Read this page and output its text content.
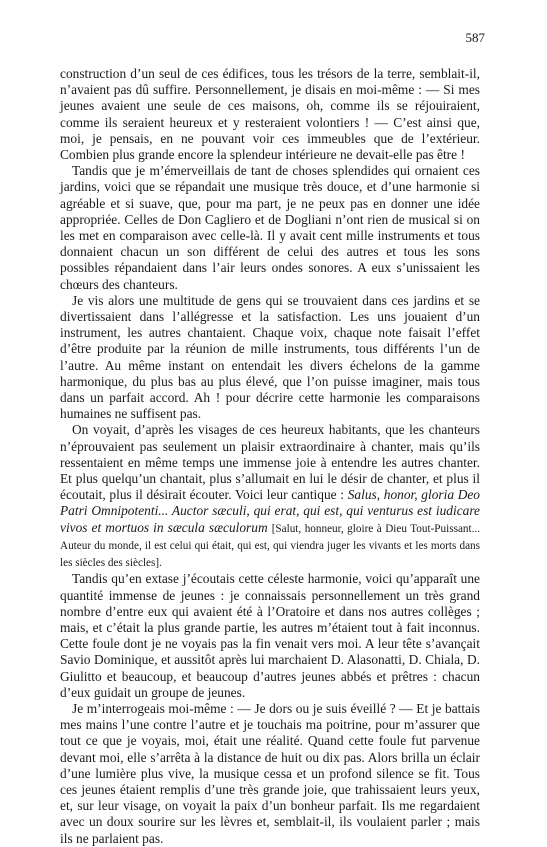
587

construction d’un seul de ces édifices, tous les trésors de la terre, semblait-il, n’avaient pas dû suffire. Personnellement, je disais en moi-même : — Si mes jeunes avaient une seule de ces maisons, oh, comme ils se réjouiraient, comme ils seraient heureux et y resteraient volontiers ! — C’est ainsi que, moi, je pensais, en ne pouvant voir ces immeubles que de l’extérieur. Combien plus grande encore la splendeur intérieure ne devait-elle pas être !

Tandis que je m’émerveillais de tant de choses splendides qui ornaient ces jardins, voici que se répandait une musique très douce, et d’une harmonie si agréable et si suave, que, pour ma part, je ne peux pas en donner une idée appropriée. Celles de Don Cagliero et de Dogliani n’ont rien de musical si on les met en comparaison avec celle-là. Il y avait cent mille instruments et tous donnaient chacun un son différent de celui des autres et tous les sons possibles répandaient dans l’air leurs ondes sonores. A eux s’unissaient les chœurs des chanteurs.

Je vis alors une multitude de gens qui se trouvaient dans ces jardins et se divertissaient dans l’allégresse et la satisfaction. Les uns jouaient d’un instrument, les autres chantaient. Chaque voix, chaque note faisait l’effet d’être produite par la réunion de mille instruments, tous différents l’un de l’autre. Au même instant on entendait les divers échelons de la gamme harmonique, du plus bas au plus élevé, que l’on puisse imaginer, mais tous dans un parfait accord. Ah ! pour décrire cette harmonie les comparaisons humaines ne suffisent pas.

On voyait, d’après les visages de ces heureux habitants, que les chanteurs n’éprouvaient pas seulement un plaisir extraordinaire à chanter, mais qu’ils ressentaient en même temps une immense joie à entendre les autres chanter. Et plus quelqu’un chantait, plus s’allumait en lui le désir de chanter, et plus il écoutait, plus il désirait écouter. Voici leur cantique : Salus, honor, gloria Deo Patri Omnipotenti... Auctor sæculi, qui erat, qui est, qui venturus est iudicare vivos et mortuos in sæcula sæculorum [Salut, honneur, gloire à Dieu Tout-Puissant... Auteur du monde, il est celui qui était, qui est, qui viendra juger les vivants et les morts dans les siècles des siècles].

Tandis qu’en extase j’écoutais cette céleste harmonie, voici qu’apparaît une quantité immense de jeunes : je connaissais personnellement un très grand nombre d’entre eux qui avaient été à l’Oratoire et dans nos autres collèges ; mais, et c’était la plus grande partie, les autres m’étaient tout à fait inconnus. Cette foule dont je ne voyais pas la fin venait vers moi. A leur tête s’avançait Savio Dominique, et aussitôt après lui marchaient D. Alasonatti, D. Chiala, D. Giulitto et beaucoup, et beaucoup d’autres jeunes abbés et prêtres : chacun d’eux guidait un groupe de jeunes.

Je m’interrogeais moi-même : — Je dors ou je suis éveillé ? — Et je battais mes mains l’une contre l’autre et je touchais ma poitrine, pour m’assurer que tout ce que je voyais, moi, était une réalité. Quand cette foule fut parvenue devant moi, elle s’arrêta à la distance de huit ou dix pas. Alors brilla un éclair d’une lumière plus vive, la musique cessa et un profond silence se fit. Tous ces jeunes étaient remplis d’une très grande joie, que trahissaient leurs yeux, et, sur leur visage, on voyait la paix d’un bonheur parfait. Ils me regardaient avec un doux sourire sur les lèvres et, semblait-il, ils voulaient parler ; mais ils ne parlaient pas.
